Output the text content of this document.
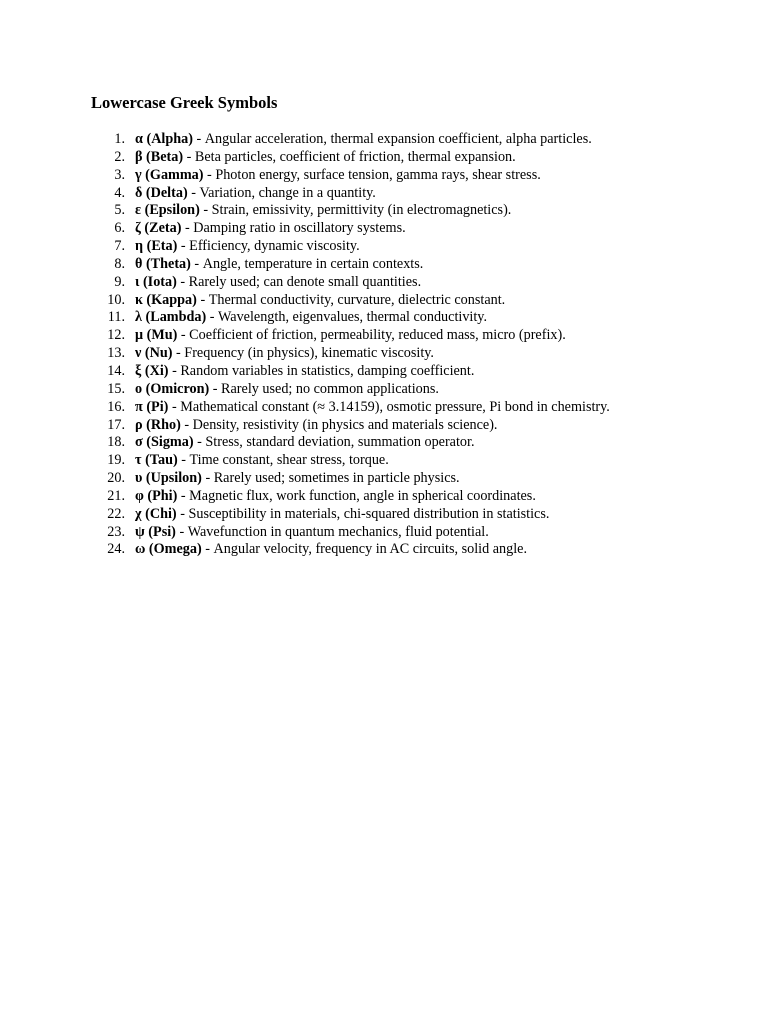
Lowercase Greek Symbols
1. α (Alpha) - Angular acceleration, thermal expansion coefficient, alpha particles.
2. β (Beta) - Beta particles, coefficient of friction, thermal expansion.
3. γ (Gamma) - Photon energy, surface tension, gamma rays, shear stress.
4. δ (Delta) - Variation, change in a quantity.
5. ε (Epsilon) - Strain, emissivity, permittivity (in electromagnetics).
6. ζ (Zeta) - Damping ratio in oscillatory systems.
7. η (Eta) - Efficiency, dynamic viscosity.
8. θ (Theta) - Angle, temperature in certain contexts.
9. ι (Iota) - Rarely used; can denote small quantities.
10. κ (Kappa) - Thermal conductivity, curvature, dielectric constant.
11. λ (Lambda) - Wavelength, eigenvalues, thermal conductivity.
12. μ (Mu) - Coefficient of friction, permeability, reduced mass, micro (prefix).
13. ν (Nu) - Frequency (in physics), kinematic viscosity.
14. ξ (Xi) - Random variables in statistics, damping coefficient.
15. ο (Omicron) - Rarely used; no common applications.
16. π (Pi) - Mathematical constant (≈ 3.14159), osmotic pressure, Pi bond in chemistry.
17. ρ (Rho) - Density, resistivity (in physics and materials science).
18. σ (Sigma) - Stress, standard deviation, summation operator.
19. τ (Tau) - Time constant, shear stress, torque.
20. υ (Upsilon) - Rarely used; sometimes in particle physics.
21. φ (Phi) - Magnetic flux, work function, angle in spherical coordinates.
22. χ (Chi) - Susceptibility in materials, chi-squared distribution in statistics.
23. ψ (Psi) - Wavefunction in quantum mechanics, fluid potential.
24. ω (Omega) - Angular velocity, frequency in AC circuits, solid angle.
